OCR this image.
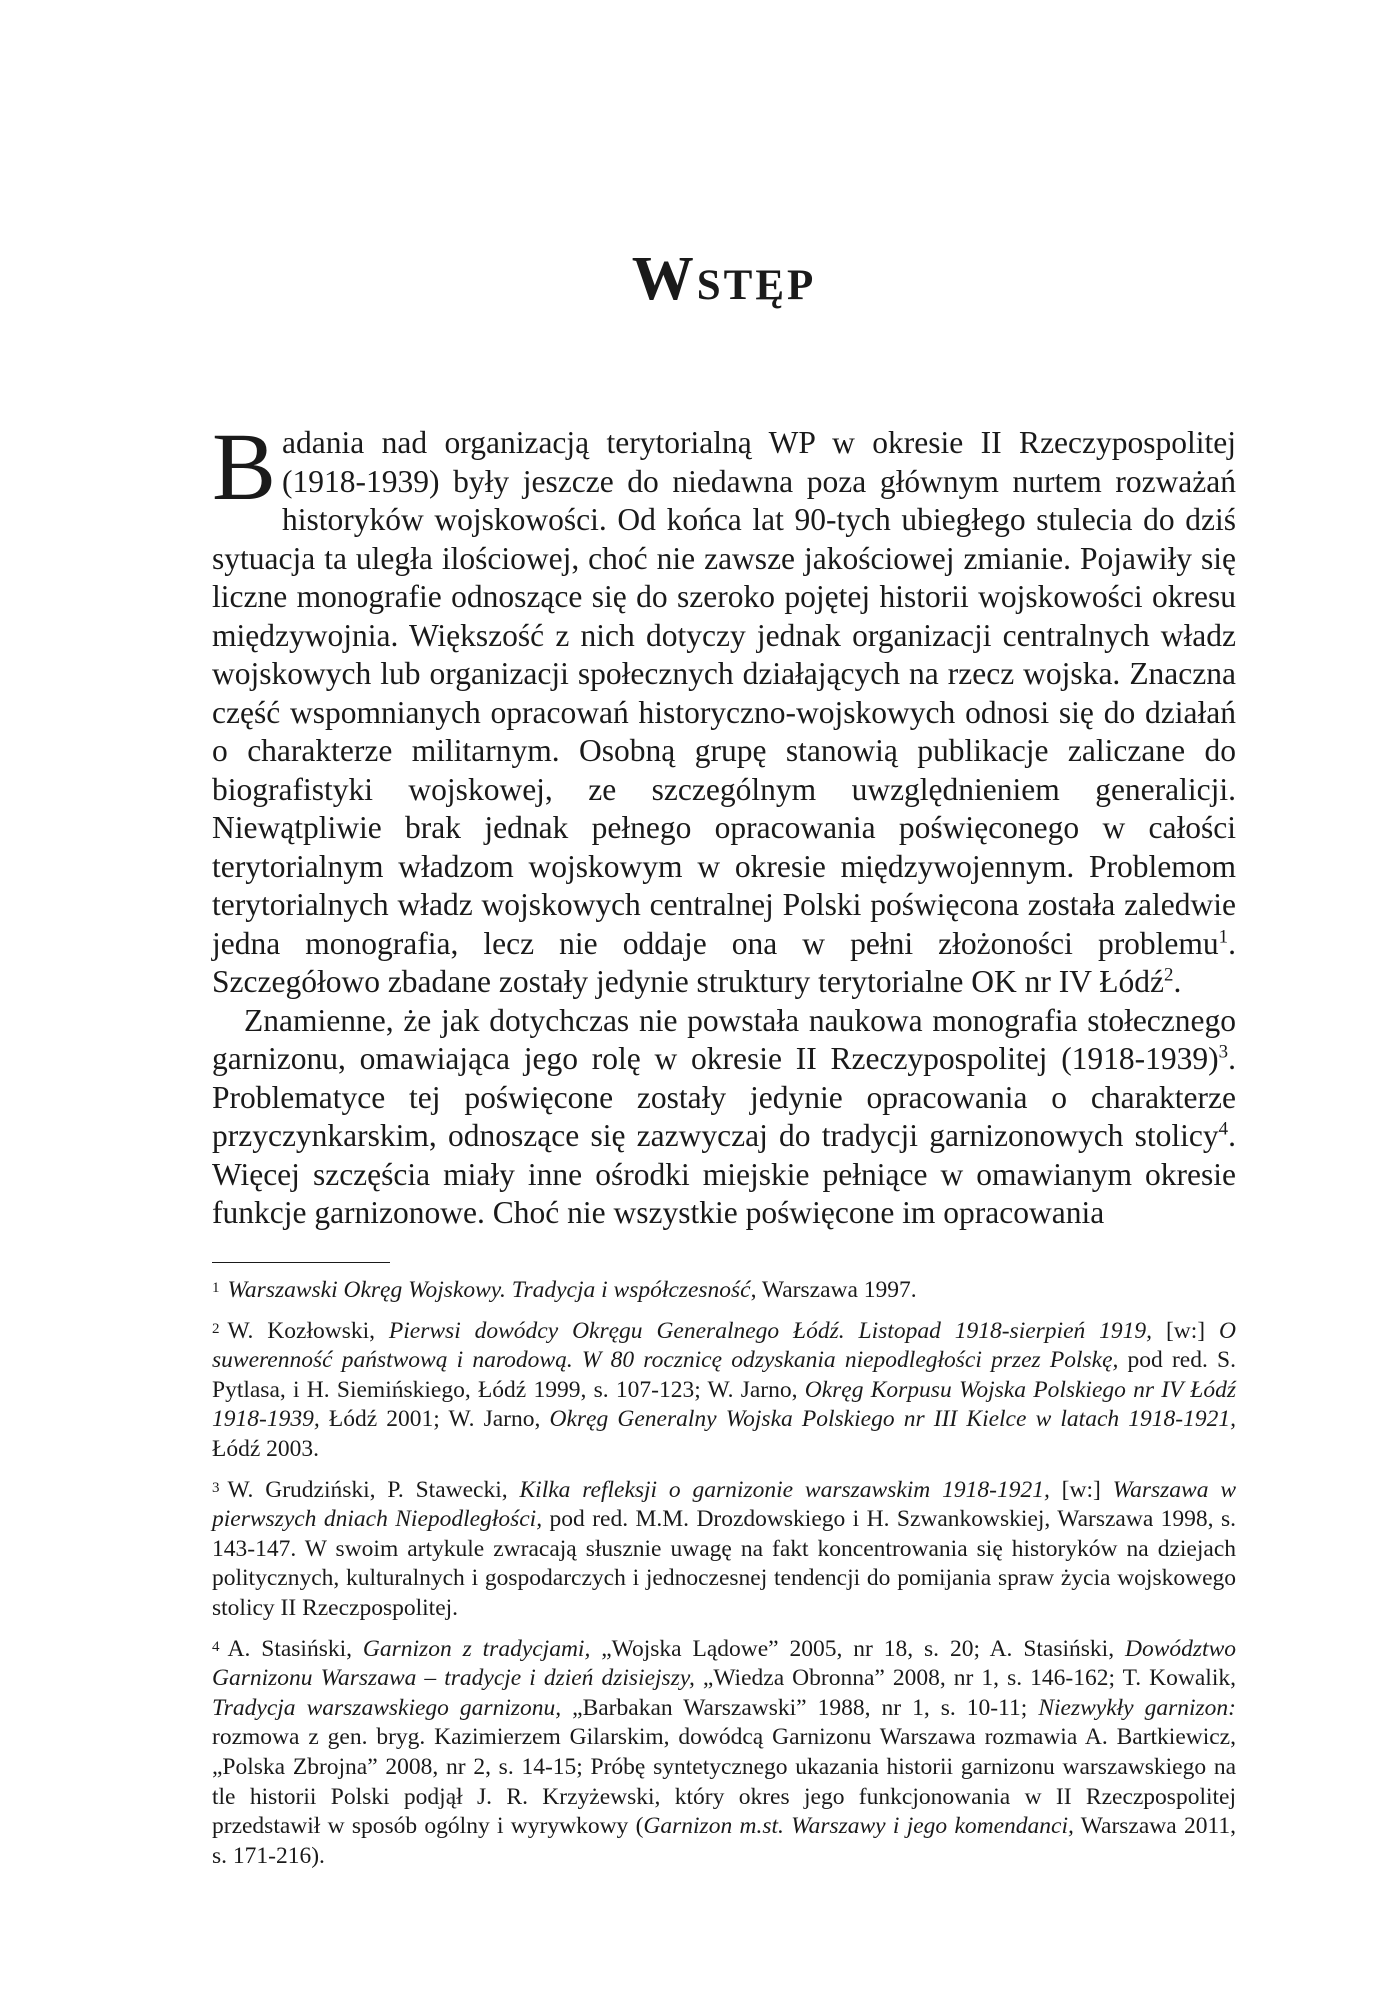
Wstęp

Badania nad organizacją terytorialną WP w okresie II Rzeczypospolitej (1918-1939) były jeszcze do niedawna poza głównym nurtem rozważań historyków wojskowości. Od końca lat 90-tych ubiegłego stulecia do dziś sytuacja ta uległa ilościowej, choć nie zawsze jakościowej zmianie. Pojawiły się liczne monografie odnoszące się do szeroko pojętej historii wojskowości okresu międzywojnia. Większość z nich dotyczy jednak organizacji centralnych władz wojskowych lub organizacji społecznych działających na rzecz wojska. Znaczna część wspomnianych opracowań historyczno-wojskowych odnosi się do działań o charakterze militarnym. Osobną grupę stanowią publikacje zaliczane do biografistyki wojskowej, ze szczególnym uwzględnieniem generalicji. Niewątpliwie brak jednak pełnego opracowania poświęconego w całości terytorialnym władzom wojskowym w okresie międzywojennym. Problemom terytorialnych władz wojskowych centralnej Polski poświęcona została zaledwie jedna monografia, lecz nie oddaje ona w pełni złożoności problemu$^1$. Szczegółowo zbadane zostały jedynie struktury terytorialne OK nr IV Łódź$^2$.

Znamienne, że jak dotychczas nie powstała naukowa monografia stołecznego garnizonu, omawiająca jego rolę w okresie II Rzeczypospolitej (1918-1939)$^3$. Problematyce tej poświęcone zostały jedynie opracowania o charakterze przyczynkarskim, odnoszące się zazwyczaj do tradycji garnizonowych stolicy$^4$. Więcej szczęścia miały inne ośrodki miejskie pełniące w omawianym okresie funkcje garnizonowe. Choć nie wszystkie poświęcone im opracowania

$^1$ Warszawski Okręg Wojskowy. Tradycja i współczesność, Warszawa 1997.

$^2$ W. Kozłowski, Pierwsi dowódcy Okręgu Generalnego Łódź. Listopad 1918-sierpień 1919, [w:] O suwerenność państwową i narodową. W 80 rocznicę odzyskania niepodległości przez Polskę, pod red. S. Pytlasa, i H. Siemińskiego, Łódź 1999, s. 107-123; W. Jarno, Okręg Korpusu Wojska Polskiego nr IV Łódź 1918-1939, Łódź 2001; W. Jarno, Okręg Generalny Wojska Polskiego nr III Kielce w latach 1918-1921, Łódź 2003.

$^3$ W. Grudziński, P. Stawecki, Kilka refleksji o garnizonie warszawskim 1918-1921, [w:] Warszawa w pierwszych dniach Niepodległości, pod red. M.M. Drozdowskiego i H. Szwankowskiej, Warszawa 1998, s. 143-147. W swoim artykule zwracają słusznie uwagę na fakt koncentrowania się historyków na dziejach politycznych, kulturalnych i gospodarczych i jednoczesnej tendencji do pomijania spraw życia wojskowego stolicy II Rzeczpospolitej.

$^4$ A. Stasiński, Garnizon z tradycjami, „Wojska Lądowe” 2005, nr 18, s. 20; A. Stasiński, Dowództwo Garnizonu Warszawa – tradycje i dzień dzisiejszy, „Wiedza Obronna” 2008, nr 1, s. 146-162; T. Kowalik, Tradycja warszawskiego garnizonu, „Barbakan Warszawski” 1988, nr 1, s. 10-11; Niezwykły garnizon: rozmowa z gen. bryg. Kazimierzem Gilarskim, dowódcą Garnizonu Warszawa rozmawia A. Bartkiewicz, „Polska Zbrojna” 2008, nr 2, s. 14-15; Próbę syntetycznego ukazania historii garnizonu warszawskiego na tle historii Polski podjął J. R. Krzyżewski, który okres jego funkcjonowania w II Rzeczpospolitej przedstawił w sposób ogólny i wyrywkowy (Garnizon m.st. Warszawy i jego komendanci, Warszawa 2011, s. 171-216).
